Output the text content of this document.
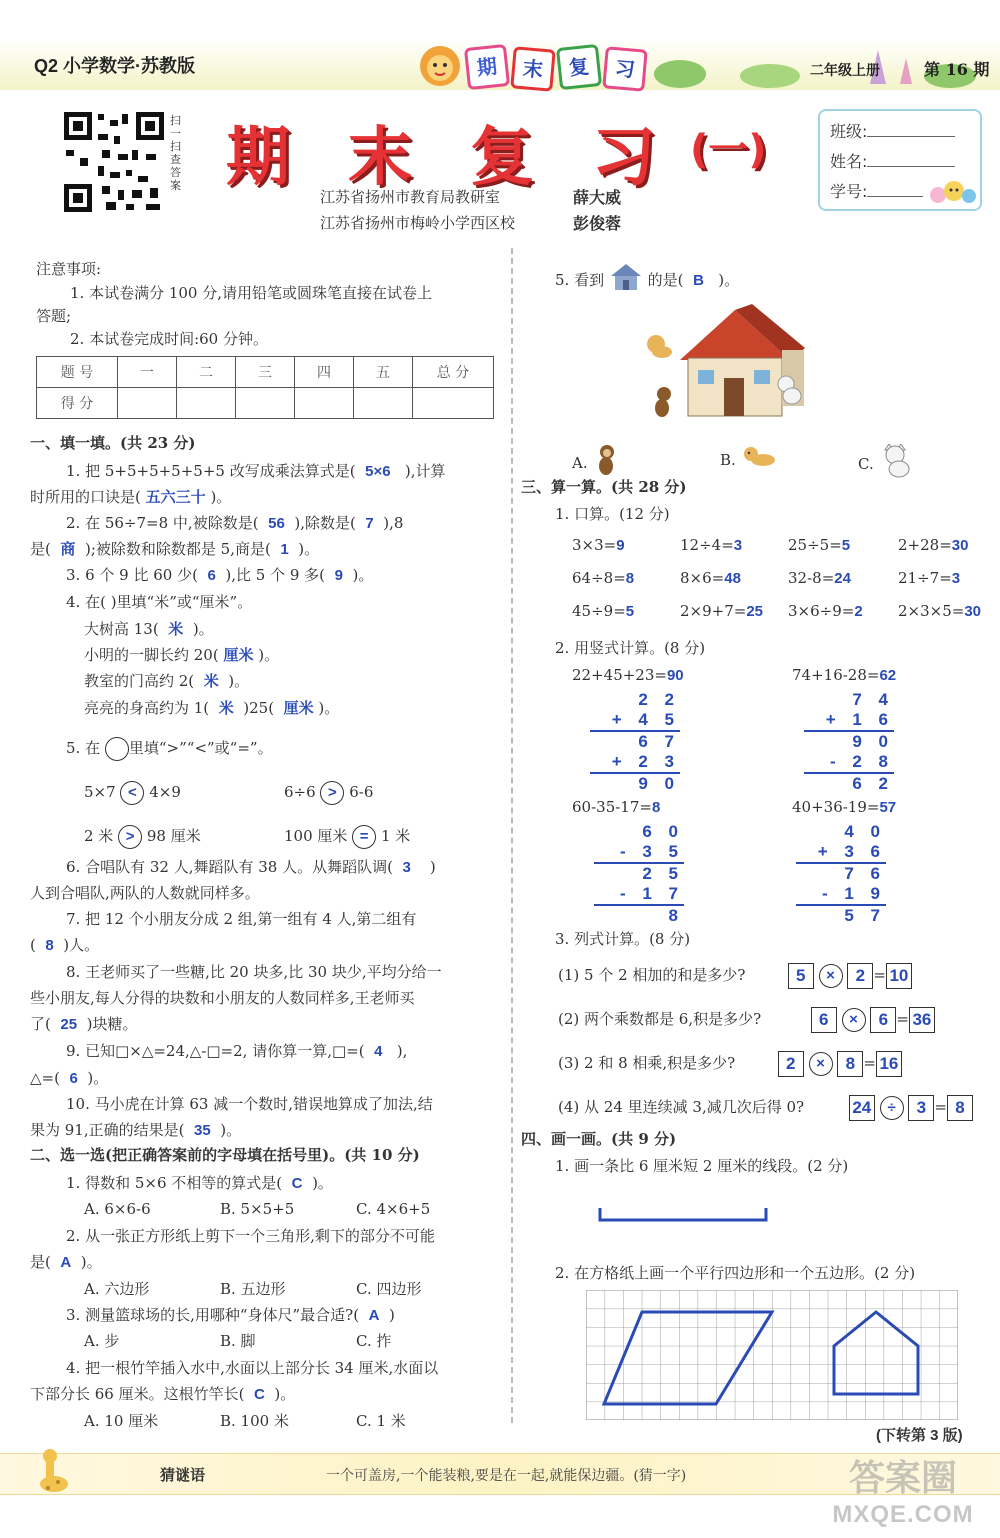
Q2 小学数学·苏教版	期	末	复	习	二年级上册	第 16 期
扫一扫 查答案 期 末 复 习 (一)
江苏省扬州市教育局教研室	薛大威
江苏省扬州市梅岭小学西区校	彭俊蓉
班级:
姓名:
学号:
注意事项:
1. 本试卷满分 100 分,请用铅笔或圆珠笔直接在试卷上
答题;
2. 本试卷完成时间:60 分钟。
题 号	一	二	三	四	五	总 分
得 分						
一、填一填。(共 23 分)
1. 把 5+5+5+5+5+5 改写成乘法算式是( 5×6 ),计算
时所用的口诀是( 五六三十 )。
2. 在 56÷7=8 中,被除数是( 56 ),除数是( 7 ),8
是( 商 );被除数和除数都是 5,商是( 1 )。
3. 6 个 9 比 60 少( 6 ),比 5 个 9 多( 9 )。
4. 在( )里填“米”或“厘米”。
大树高 13( 米 )。
小明的一脚长约 20( 厘米 )。
教室的门高约 2( 米 )。
亮亮的身高约为 1( 米 )25( 厘米 )。
5. 在 里填“>”“<”或“=”。
5×7 < 4×9	6÷6 > 6-6
2 米 > 98 厘米	100 厘米 = 1 米
6. 合唱队有 32 人,舞蹈队有 38 人。从舞蹈队调( 3 )
人到合唱队,两队的人数就同样多。
7. 把 12 个小朋友分成 2 组,第一组有 4 人,第二组有
( 8 )人。
8. 王老师买了一些糖,比 20 块多,比 30 块少,平均分给一
些小朋友,每人分得的块数和小朋友的人数同样多,王老师买
了( 25 )块糖。
9. 已知□×△=24,△-□=2, 请你算一算,□=( 4 ),
△=( 6 )。
10. 马小虎在计算 63 减一个数时,错误地算成了加法,结
果为 91,正确的结果是( 35 )。
二、选一选(把正确答案前的字母填在括号里)。(共 10 分)
1. 得数和 5×6 不相等的算式是( C )。
A. 6×6-6	B. 5×5+5	C. 4×6+5
2. 从一张正方形纸上剪下一个三角形,剩下的部分不可能
是( A )。
A. 六边形	B. 五边形	C. 四边形
3. 测量篮球场的长,用哪种“身体尺”最合适?( A )
A. 步	B. 脚	C. 拃
4. 把一根竹竿插入水中,水面以上部分长 34 厘米,水面以
下部分长 66 厘米。这根竹竿长( C )。
A. 10 厘米	B. 100 米	C. 1 米
5. 看到	的是( B )。
A.	B.	C.
三、算一算。(共 28 分)
1. 口算。(12 分)
3×3=9	12÷4=3	25÷5=5	2+28=30
64÷8=8	8×6=48	32-8=24	21÷7=3
45÷9=5	2×9+7=25 3×6÷9=2 2×3×5=30
2. 用竖式计算。(8 分)
22+45+23=90
2 2
+ 4 5
6 7
+ 2 3
9 0
74+16-28=62
7 4
+ 1 6
9 0
- 2 8
6 2
60-35-17=8
6 0
- 3 5
2 5
- 1 7
8
40+36-19=57
4 0
+ 3 6
7 6
- 1 9
5 7
3. 列式计算。(8 分)
(1) 5 个 2 相加的和是多少?	5 × 2 = 10
(2) 两个乘数都是 6,积是多少?	6 × 6 = 36
(3) 2 和 8 相乘,积是多少?	2 × 8 = 16
(4) 从 24 里连续减 3,减几次后得 0?	24 ÷ 3 = 8
四、画一画。(共 9 分)
1. 画一条比 6 厘米短 2 厘米的线段。(2 分)
2. 在方格纸上画一个平行四边形和一个五边形。(2 分)
(下转第 3 版)
猜谜语	一个可盖房,一个能装粮,要是在一起,就能保边疆。(猜一字)	答案圈
MXQE.COM
